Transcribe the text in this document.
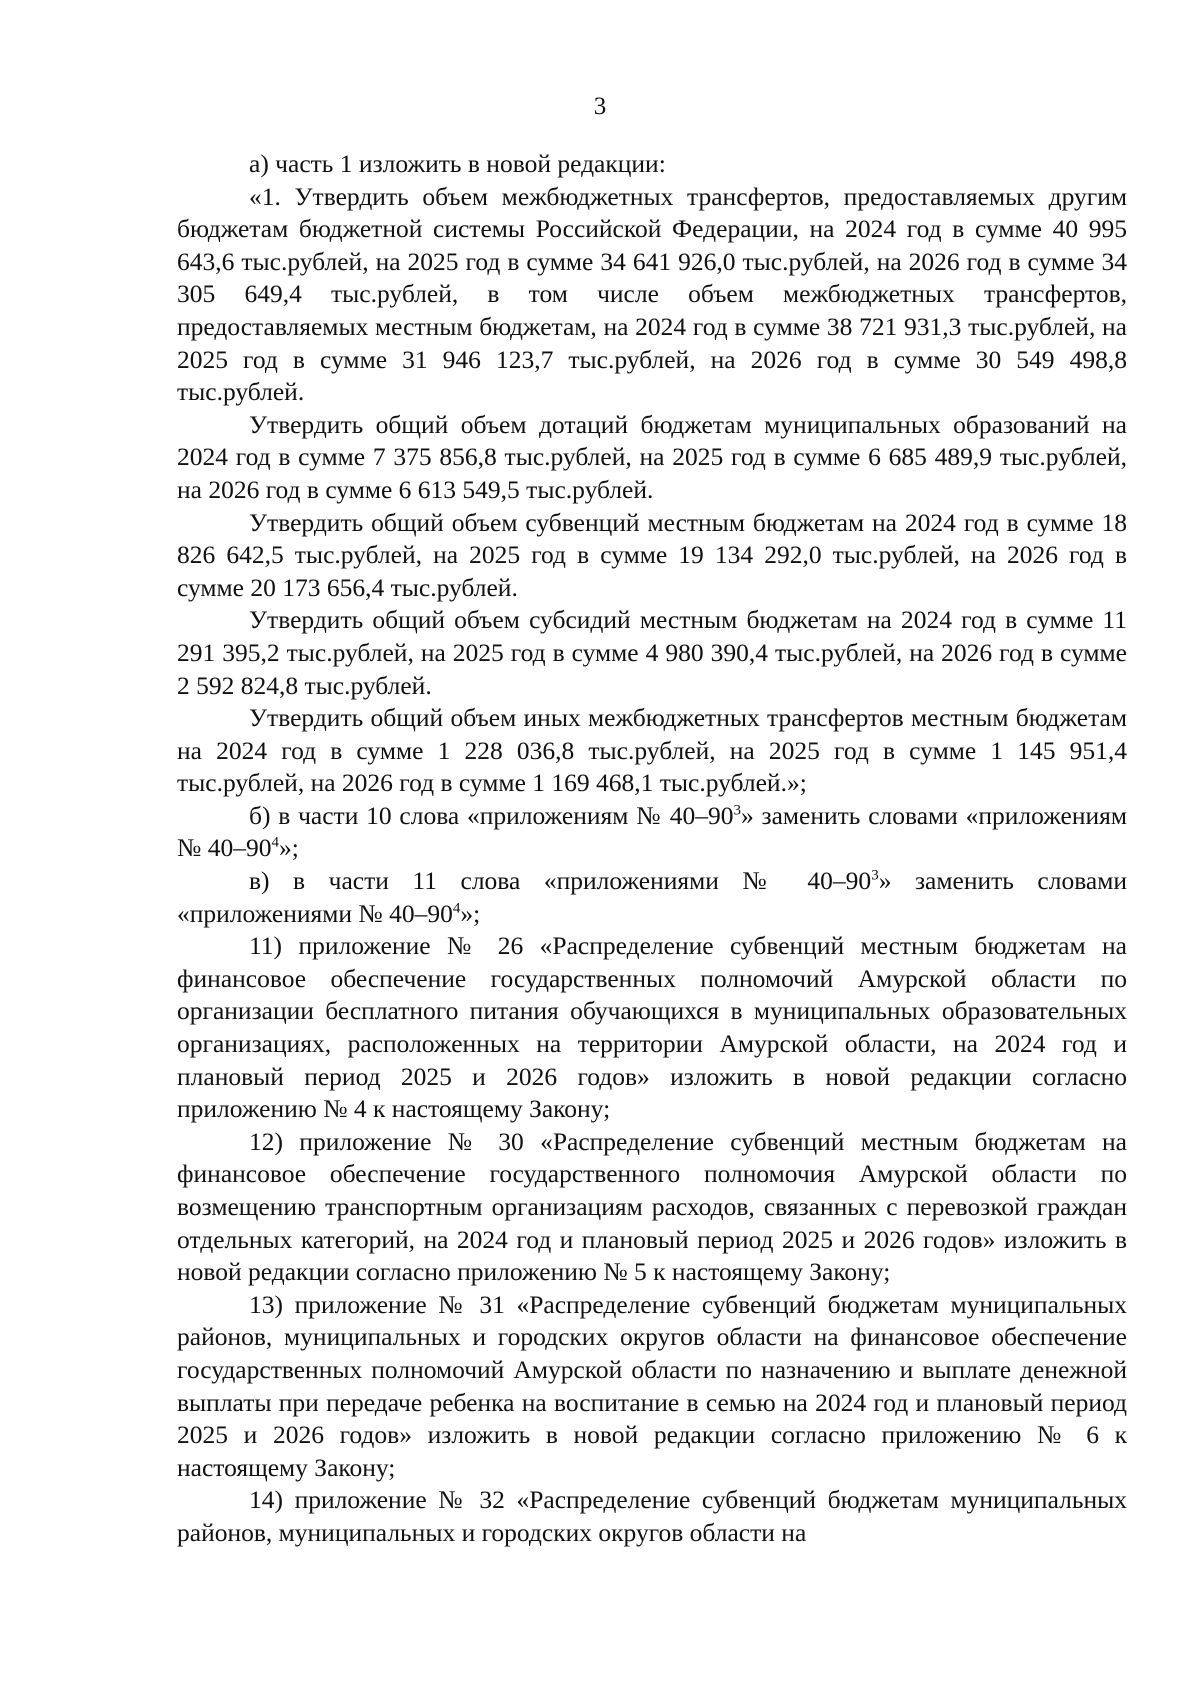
3

а) часть 1 изложить в новой редакции:

«1. Утвердить объем межбюджетных трансфертов, предоставляемых другим бюджетам бюджетной системы Российской Федерации, на 2024 год в сумме 40 995 643,6 тыс.рублей, на 2025 год в сумме 34 641 926,0 тыс.рублей, на 2026 год в сумме 34 305 649,4 тыс.рублей, в том числе объем межбюджетных трансфертов, предоставляемых местным бюджетам, на 2024 год в сумме 38 721 931,3 тыс.рублей, на 2025 год в сумме 31 946 123,7 тыс.рублей, на 2026 год в сумме 30 549 498,8 тыс.рублей.

Утвердить общий объем дотаций бюджетам муниципальных образований на 2024 год в сумме 7 375 856,8 тыс.рублей, на 2025 год в сумме 6 685 489,9 тыс.рублей, на 2026 год в сумме 6 613 549,5 тыс.рублей.

Утвердить общий объем субвенций местным бюджетам на 2024 год в сумме 18 826 642,5 тыс.рублей, на 2025 год в сумме 19 134 292,0 тыс.рублей, на 2026 год в сумме 20 173 656,4 тыс.рублей.

Утвердить общий объем субсидий местным бюджетам на 2024 год в сумме 11 291 395,2 тыс.рублей, на 2025 год в сумме 4 980 390,4 тыс.рублей, на 2026 год в сумме 2 592 824,8 тыс.рублей.

Утвердить общий объем иных межбюджетных трансфертов местным бюджетам на 2024 год в сумме 1 228 036,8 тыс.рублей, на 2025 год в сумме 1 145 951,4 тыс.рублей, на 2026 год в сумме 1 169 468,1 тыс.рублей.»;

б) в части 10 слова «приложениям № $40-90^3$» заменить словами «приложениям № $40-90^4$»;

в) в части 11 слова «приложениями № $40-90^3$» заменить словами «приложениями № $40-90^4$»;

11) приложение № 26 «Распределение субвенций местным бюджетам на финансовое обеспечение государственных полномочий Амурской области по организации бесплатного питания обучающихся в муниципальных образовательных организациях, расположенных на территории Амурской области, на 2024 год и плановый период 2025 и 2026 годов» изложить в новой редакции согласно приложению № 4 к настоящему Закону;

12) приложение № 30 «Распределение субвенций местным бюджетам на финансовое обеспечение государственного полномочия Амурской области по возмещению транспортным организациям расходов, связанных с перевозкой граждан отдельных категорий, на 2024 год и плановый период 2025 и 2026 годов» изложить в новой редакции согласно приложению № 5 к настоящему Закону;

13) приложение № 31 «Распределение субвенций бюджетам муниципальных районов, муниципальных и городских округов области на финансовое обеспечение государственных полномочий Амурской области по назначению и выплате денежной выплаты при передаче ребенка на воспитание в семью на 2024 год и плановый период 2025 и 2026 годов» изложить в новой редакции согласно приложению № 6 к настоящему Закону;

14) приложение № 32 «Распределение субвенций бюджетам муниципальных районов, муниципальных и городских округов области на
